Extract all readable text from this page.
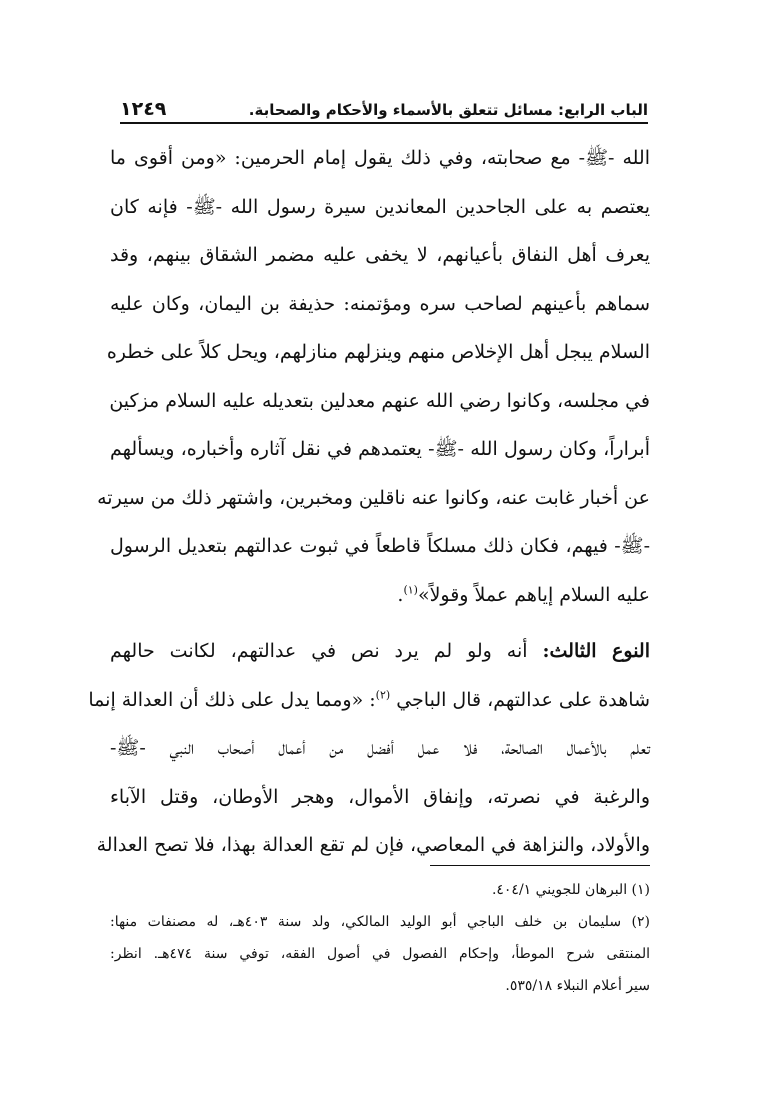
الباب الرابع: مسائل تتعلق بالأسماء والأحكام والصحابة.
١٢٤٩
الله -ﷺ- مع صحابته، وفي ذلك يقول إمام الحرمين: «ومن أقوى ما
يعتصم به على الجاحدين المعاندين سيرة رسول الله -ﷺ- فإنه كان
يعرف أهل النفاق بأعيانهم، لا يخفى عليه مضمر الشقاق بينهم، وقد
سماهم بأعينهم لصاحب سره ومؤتمنه: حذيفة بن اليمان، وكان عليه
السلام يبجل أهل الإخلاص منهم وينزلهم منازلهم، ويحل كلاً على خطره
في مجلسه، وكانوا رضي الله عنهم معدلين بتعديله عليه السلام مزكين
أبراراً، وكان رسول الله -ﷺ- يعتمدهم في نقل آثاره وأخباره، ويسألهم
عن أخبار غابت عنه، وكانوا عنه ناقلين ومخبرين، واشتهر ذلك من سيرته
-ﷺ- فيهم، فكان ذلك مسلكاً قاطعاً في ثبوت عدالتهم بتعديل الرسول
عليه السلام إياهم عملاً وقولاً»$^{(١)}$.
النوع الثالث: أنه ولو لم يرد نص في عدالتهم، لكانت حالهم
شاهدة على عدالتهم، قال الباجي $^{(٢)}$: «ومما يدل على ذلك أن العدالة إنما
تعلم بالأعمال الصالحة، فلا عمل أفضل من أعمال أصحاب النبي -ﷺ-
والرغبة في نصرته، وإنفاق الأموال، وهجر الأوطان، وقتل الآباء
والأولاد، والنزاهة في المعاصي، فإن لم تقع العدالة بهذا، فلا تصح العدالة
(١) البرهان للجويني ٤٠٤/١.
(٢) سليمان بن خلف الباجي أبو الوليد المالكي، ولد سنة ٤٠٣هـ، له مصنفات منها:
المنتقى شرح الموطأ، وإحكام الفصول في أصول الفقه، توفي سنة ٤٧٤هـ. انظر:
سير أعلام النبلاء ٥٣٥/١٨.
